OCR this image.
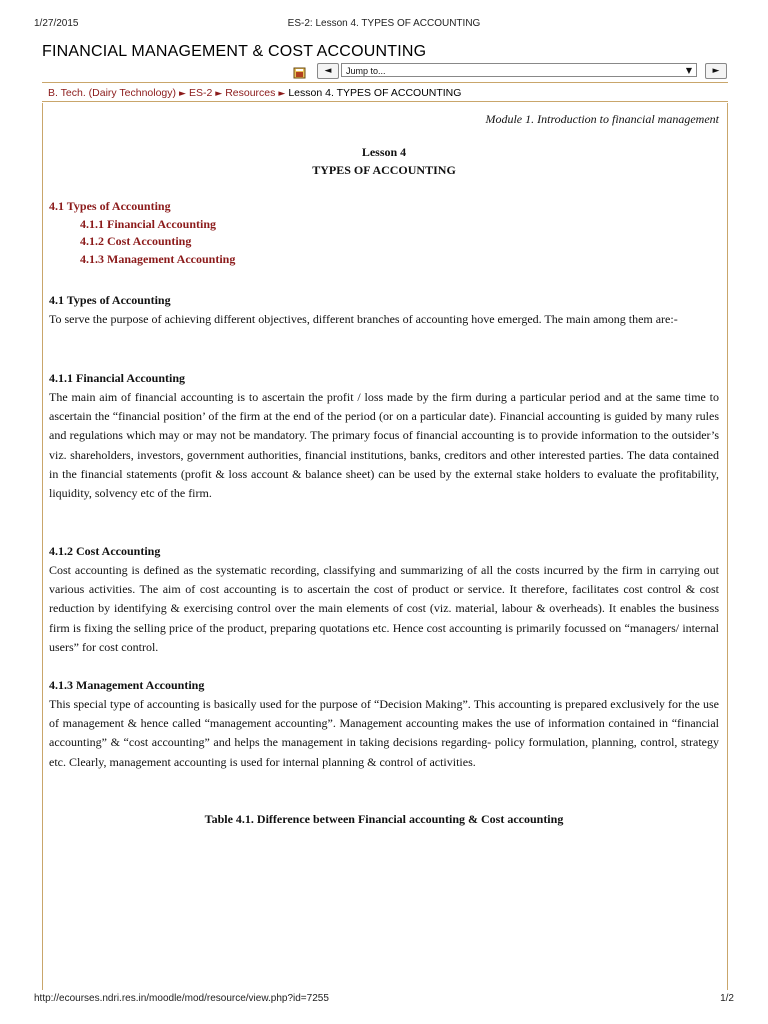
1/27/2015	ES-2: Lesson 4. TYPES OF ACCOUNTING
FINANCIAL MANAGEMENT & COST ACCOUNTING
◄	Jump to...	▼	►
B. Tech. (Dairy Technology) ► ES-2 ► Resources ► Lesson 4. TYPES OF ACCOUNTING
Module 1. Introduction to financial management
Lesson 4
TYPES OF ACCOUNTING
4.1 Types of Accounting
4.1.1 Financial Accounting
4.1.2 Cost Accounting
4.1.3 Management Accounting
4.1 Types of Accounting

To serve the purpose of achieving different objectives, different branches of accounting hove emerged. The main among them are:-

4.1.1 Financial Accounting

The main aim of financial accounting is to ascertain the profit / loss made by the firm during a particular period and at the same time to ascertain the “financial position’ of the firm at the end of the period (or on a particular date). Financial accounting is guided by many rules and regulations which may or may not be mandatory. The primary focus of financial accounting is to provide information to the outsider’s viz. shareholders, investors, government authorities, financial institutions, banks, creditors and other interested parties. The data contained in the financial statements (profit & loss account & balance sheet) can be used by the external stake holders to evaluate the profitability, liquidity, solvency etc of the firm.

4.1.2 Cost Accounting

Cost accounting is defined as the systematic recording, classifying and summarizing of all the costs incurred by the firm in carrying out various activities. The aim of cost accounting is to ascertain the cost of product or service. It therefore, facilitates cost control & cost reduction by identifying & exercising control over the main elements of cost (viz. material, labour & overheads). It enables the business firm is fixing the selling price of the product, preparing quotations etc. Hence cost accounting is primarily focussed on “managers/ internal users” for cost control.

4.1.3 Management Accounting

This special type of accounting is basically used for the purpose of “Decision Making”. This accounting is prepared exclusively for the use of management & hence called “management accounting”. Management accounting makes the use of information contained in “financial accounting” & “cost accounting” and helps the management in taking decisions regarding- policy formulation, planning, control, strategy etc. Clearly, management accounting is used for internal planning & control of activities.

Table 4.1. Difference between Financial accounting & Cost accounting
http://ecourses.ndri.res.in/moodle/mod/resource/view.php?id=7255	1/2
